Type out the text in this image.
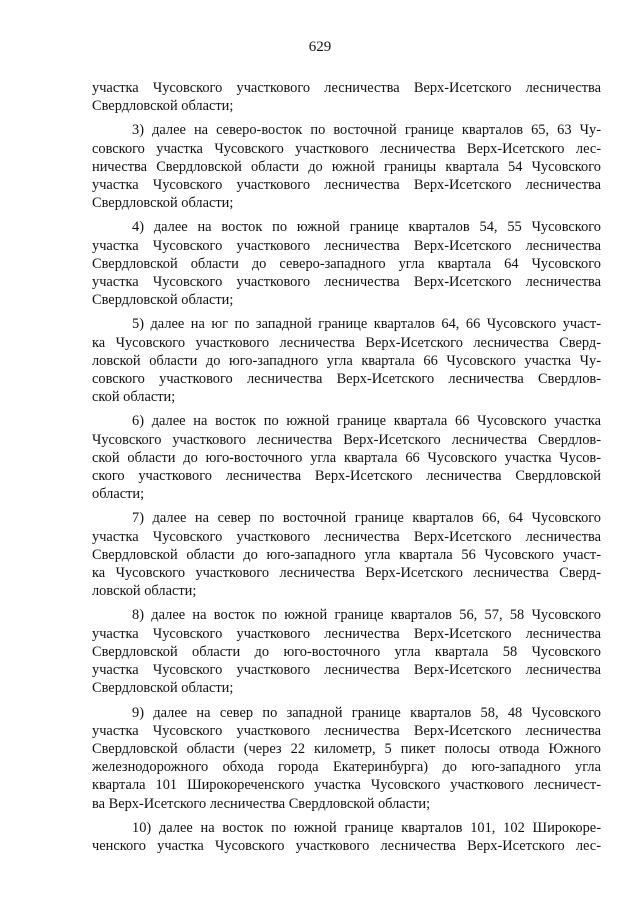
629

участка Чусовского участкового лесничества Верх-Исетского лесничества
Свердловской области;

3) далее на северо-восток по восточной границе кварталов 65, 63 Чу-
совского участка Чусовского участкового лесничества Верх-Исетского лес-
ничества Свердловской области до южной границы квартала 54 Чусовского
участка Чусовского участкового лесничества Верх-Исетского лесничества
Свердловской области;

4) далее на восток по южной границе кварталов 54, 55 Чусовского
участка Чусовского участкового лесничества Верх-Исетского лесничества
Свердловской области до северо-западного угла квартала 64 Чусовского
участка Чусовского участкового лесничества Верх-Исетского лесничества
Свердловской области;

5) далее на юг по западной границе кварталов 64, 66 Чусовского участ-
ка Чусовского участкового лесничества Верх-Исетского лесничества Сверд-
ловской области до юго-западного угла квартала 66 Чусовского участка Чу-
совского участкового лесничества Верх-Исетского лесничества Свердлов-
ской области;

6) далее на восток по южной границе квартала 66 Чусовского участка
Чусовского участкового лесничества Верх-Исетского лесничества Свердлов-
ской области до юго-восточного угла квартала 66 Чусовского участка Чусов-
ского участкового лесничества Верх-Исетского лесничества Свердловской
области;

7) далее на север по восточной границе кварталов 66, 64 Чусовского
участка Чусовского участкового лесничества Верх-Исетского лесничества
Свердловской области до юго-западного угла квартала 56 Чусовского участ-
ка Чусовского участкового лесничества Верх-Исетского лесничества Сверд-
ловской области;

8) далее на восток по южной границе кварталов 56, 57, 58 Чусовского
участка Чусовского участкового лесничества Верх-Исетского лесничества
Свердловской области до юго-восточного угла квартала 58 Чусовского
участка Чусовского участкового лесничества Верх-Исетского лесничества
Свердловской области;

9) далее на север по западной границе кварталов 58, 48 Чусовского
участка Чусовского участкового лесничества Верх-Исетского лесничества
Свердловской области (через 22 километр, 5 пикет полосы отвода Южного
железнодорожного обхода города Екатеринбурга) до юго-западного угла
квартала 101 Широкореченского участка Чусовского участкового лесничест-
ва Верх-Исетского лесничества Свердловской области;

10) далее на восток по южной границе кварталов 101, 102 Широкоре-
ченского участка Чусовского участкового лесничества Верх-Исетского лес-
